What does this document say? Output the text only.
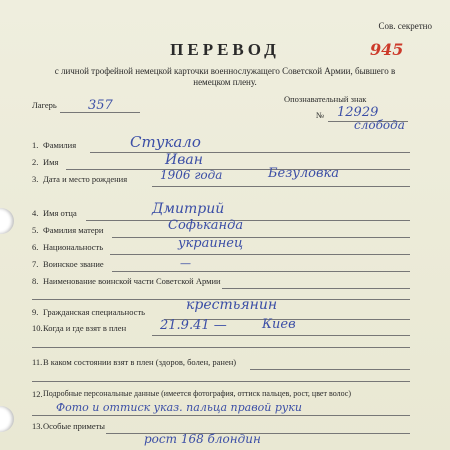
Сов. секретно
945
ПЕРЕВОД
с личной трофейной немецкой карточки военнослужащего Советской Армии, бывшего в немецком плену.
Лагерь 357	Опознавательный знак
№ 12929
слобода
1. Фамилия	Стукало
2. Имя	Иван
3. Дата и место рождения	1906 года	Безуловка
4. Имя отца	Дмитрий
5. Фамилия матери	Софьканда
6. Национальность	украинец
7. Воинское звание	—
8. Наименование воинской части Советской Армии
9. Гражданская специальность	крестьянин
10. Когда и где взят в плен	21.9.41 —	Киев
11. В каком состоянии взят в плен (здоров, болен, ранен)
12. Подробные персональные данные (имеется фотография, оттиск пальцев, рост, цвет волос)
Фото и оттиск указ. пальца правой руки
13. Особые приметы
рост 168 блондин
